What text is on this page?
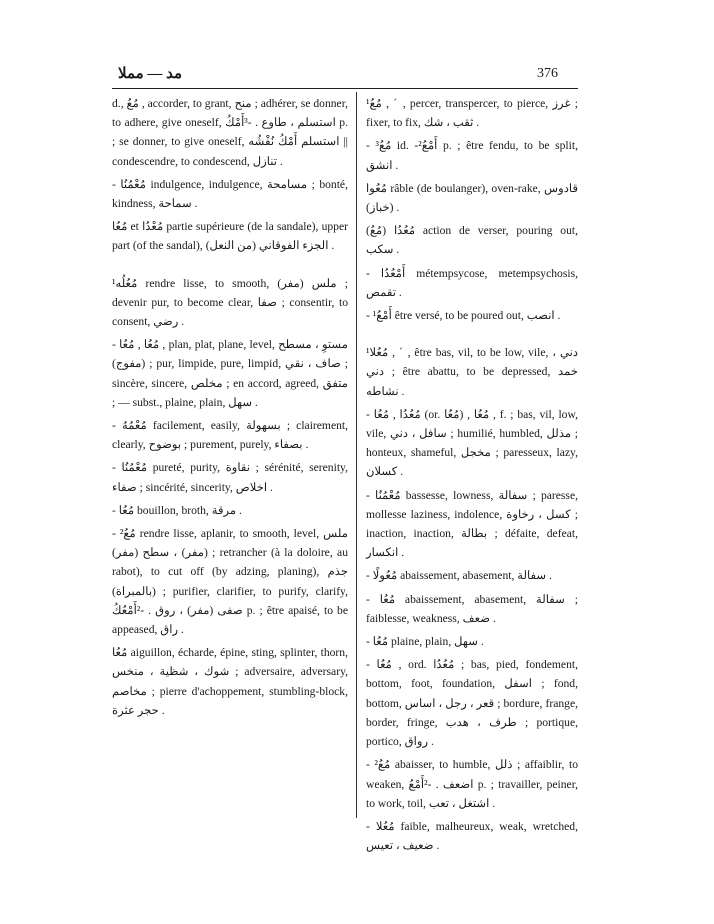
مد — مملا	376

d., مُعُ , accorder, to grant, منح ; adhérer, se donner, to adhere, give oneself, استسلم ، طاوع . -³أَمْكُ p. ; se donner, to give oneself, استسلم أَمْكُ نُفْشُه || condescendre, to condescend, تنازل .

- مُعْمُنُا indulgence, indulgence, مسامحة ; bonté, kindness, سماحة .

مُعُا et مُعْدُا partie supérieure (de la sandale), upper part (of the sandal), الجزء الفوقاني (من النعل) .

¹مُعُلُه rendre lisse, to smooth, ملس (مفر) ; devenir pur, to become clear, صفا ; consentir, to consent, رضي .

- مُعُا , مُعُا , plan, plat, plane, level, مستوِ ، مسطح (مفوج) ; pur, limpide, pure, limpid, صاف ، نقي ; sincère, sincere, مخلص ; en accord, agreed, متفق ; — subst., plaine, plain, سهل .

- مُعْمُهُ facilement, easily, بسهولة ; clairement, clearly, بوضوح ; purement, purely, بصفاء .

- مُعْمُنُا pureté, purity, نقاوة ; sérénité, serenity, صفاء ; sincérité, sincerity, اخلاص .

- مُعُا bouillon, broth, مرقة .

- ²مُعُ rendre lisse, aplanir, to smooth, level, ملس (مفر) ، سطح (مفر) ; retrancher (à la doloire, au rabot), to cut off (by adzing, planing), جذم (بالمبراة) ; purifier, clarifier, to purify, clarify, صفى (مفر) ، روق . -²أَمْعُكُ p. ; être apaisé, to be appeased, راق .

مُعُا aiguillon, écharde, épine, sting, splinter, thorn, شوك ، شظية ، منخس ; adversaire, adversary, مخاصم ; pierre d'achoppement, stumbling-block, حجر عثرة .

¹مُعُ , ˊ , percer, transpercer, to pierce, غرز ; fixer, to fix, ثقب ، شك .

- ³مُعُ id. -²أَمْعُ p. ; être fendu, to be split, انشق .

مُعُوا râble (de boulanger), oven-rake, قادوس (خباز) .

(مُعُ) مُعُدُا action de verser, pouring out, سكب .

- أَمْعُدُا métempsycose, metempsychosis, تقمص .

- ¹أَمْعُ être versé, to be poured out, انصب .

¹مُعُلا , ˊ , être bas, vil, to be low, vile, دني ، دني ; être abattu, to be depressed, خمد نشاطه .

- مُعُدُا , مُعُا (or. مُعُا) , مُعُا , f. ; bas, vil, low, vile, سافل ، دني ; humilié, humbled, مذلل ; honteux, shameful, مخجل ; paresseux, lazy, كسلان .

- مُعْمُنُا bassesse, lowness, سفالة ; paresse, mollesse laziness, indolence, كسل ، رخاوة ; inaction, inaction, بطالة ; défaite, defeat, انكسار .

- مُعُولًا abaissement, abasement, سفالة .

- مُعُا abaissement, abasement, سفالة ; faiblesse, weakness, ضعف .

- مُعُا plaine, plain, سهل .

- مُعُا , ord. مُعُدُا ; bas, pied, fondement, bottom, foot, foundation, اسفل ; fond, bottom, قعر ، رجل ، اساس ; bordure, frange, border, fringe, طرف ، هدب ; portique, portico, رواق .

- ²مُعُ abaisser, to humble, ذلل ; affaiblir, to weaken, اضعف . -²أَمْعُ p. ; travailler, peiner, to work, toil, اشتغل ، تعب .

- مُعُلا faible, malheureux, weak, wretched, ضعيف ، تعيس .
